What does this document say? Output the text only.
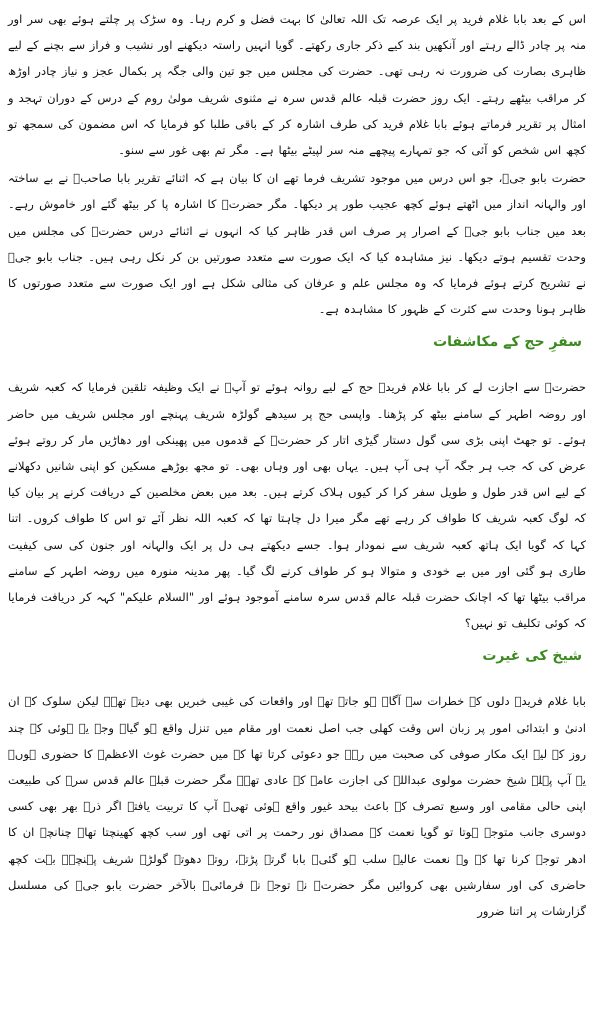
اس کے بعد بابا غلام فرید پر ایک عرصہ تک اللہ تعالیٰ کا بہت فضل و کرم رہا۔ وہ سڑک پر چلتے ہوئے بھی سر اور منہ پر چادر ڈالے رہتے اور آنکھیں بند کیے ذکر جاری رکھتے۔ گویا انہیں راستہ دیکھنے اور نشیب و فراز سے بچنے کے لیے ظاہری بصارت کی ضرورت نہ رہی تھی۔ حضرت کی مجلس میں جو تین والی جگہ پر بکمال عجز و نیاز چادر اوڑھ کر مراقب بیٹھے رہتے۔ ایک روز حضرت قبلہ عالم قدس سرہ نے مثنوی شریف مولیٰ روم کے درس کے دوران تہجد و امثال پر تقریر فرماتے ہوئے بابا غلام فرید کی طرف اشارہ کر کے باقی طلبا کو فرمایا کہ اس مضمون کی سمجھ تو کچھ اس شخص کو آئی کہ جو تمہارے پیچھے منہ سر لپیٹے بیٹھا ہے۔ مگر تم بھی غور سے سنو۔

حضرت بابو جیؒ، جو اس درس میں موجود تشریف فرما تھے ان کا بیان ہے کہ اثنائے تقریر بابا صاحبؒ نے بے ساختہ اور والہانہ انداز میں اٹھتے ہوئے کچھ عجیب طور پر دیکھا۔ مگر حضرتؒ کا اشارہ پا کر بیٹھ گئے اور خاموش رہے۔ بعد میں جناب بابو جیؒ کے اصرار پر صرف اس قدر ظاہر کیا کہ انہوں نے اثنائے درس حضرتؒ کی مجلس میں وحدت تقسیم ہوتے دیکھا۔ نیز مشاہدہ کیا کہ ایک صورت سے متعدد صورتیں بن کر نکل رہی ہیں۔ جناب بابو جیؒ نے تشریح کرتے ہوئے فرمایا کہ وہ مجلس علم و عرفان کی مثالی شکل ہے اور ایک صورت سے متعدد صورتوں کا ظاہر ہونا وحدت سے کثرت کے ظہور کا مشاہدہ ہے۔

سفرِ حج کے مکاشفات

حضرتؒ سے اجازت لے کر بابا غلام فریدؒ حج کے لیے روانہ ہوئے تو آپؒ نے ایک وظیفہ تلقین فرمایا کہ کعبہ شریف اور روضہ اطہر کے سامنے بیٹھ کر پڑھنا۔ واپسی حج پر سیدھے گولڑہ شریف پہنچے اور مجلس شریف میں حاضر ہوئے۔ تو جھٹ اپنی بڑی سی گول دستار گیڑی اتار کر حضرتؒ کے قدموں میں پھینکی اور دھاڑیں مار کر روتے ہوئے عرض کی کہ جب ہر جگہ آپ ہی آپ ہیں۔ یہاں بھی اور وہاں بھی۔ تو مجھ بوڑھے مسکین کو اپنی شانیں دکھلانے کے لیے اس قدر طول و طویل سفر کرا کر کیوں ہلاک کرتے ہیں۔ بعد میں بعض مخلصین کے دریافت کرنے پر بیان کیا کہ لوگ کعبہ شریف کا طواف کر رہے تھے مگر میرا دل چاہتا تھا کہ کعبہ اللہ نظر آئے تو اس کا طواف کروں۔ اتنا کہا کہ گویا ایک ہاتھ کعبہ شریف سے نمودار ہوا۔ جسے دیکھتے ہی دل پر ایک والہانہ اور جنون کی سی کیفیت طاری ہو گئی اور میں بے خودی و متوالا ہو کر طواف کرنے لگ گیا۔ پھر مدینہ منورہ میں روضہ اطہر کے سامنے مراقب بیٹھا تھا کہ اچانک حضرت قبلہ عالم قدس سرہ سامنے آموجود ہوئے اور "السلام علیکم" کہہ کر دریافت فرمایا کہ کوئی تکلیف تو نہیں؟

شیخ کی غیرت

بابا غلام فریدؒ دلوں کے خطرات سے آگاہ ہو جاتے تھے اور واقعات کی غیبی خبریں بھی دیتے تھے۔ لیکن سلوک کے ان ادنیٰ و ابتدائی امور پر زبان اس وقت کھلی جب اصل نعمت اور مقام میں تنزل واقع ہو گیا۔ وجہ یہ ہوئی کہ چند روز کے لیے ایک مکار صوفی کی صحبت میں رہے جو دعوئی کرتا تھا کہ میں حضرت غوث الاعظمؒ کا حضوری ہوں۔ یہ آپ پہلے شیخ حضرت مولوی عبداللہ کی اجازت عامہ کے عادی تھے۔ مگر حضرت قبلہ عالم قدس سرہ کی طبیعت اپنی حالی مقامی اور وسیع تصرف کے باعث بیحد غیور واقع ہوئی تھی۔ آپ کا تربیت یافتہ اگر ذرہ بھر بھی کسی دوسری جانب متوجہ ہوتا تو گویا نعمت کے مصداق نور رحمت پر اتی تھی اور سب کچھ کھینچتا تھا۔ چنانچہ ان کا ادھر توجہ کرنا تھا کہ وہ نعمت عالیہ سلب ہو گئی۔ بابا گرتے پڑتے، روتے دھوتے گولڑہ شریف پہنچے۔ بہت کچھ حاضری کی اور سفارشیں بھی کروائیں مگر حضرتؒ نے توجہ نہ فرمائی۔ بالآخر حضرت بابو جیؒ کی مسلسل گزارشات پر اتنا ضرور
